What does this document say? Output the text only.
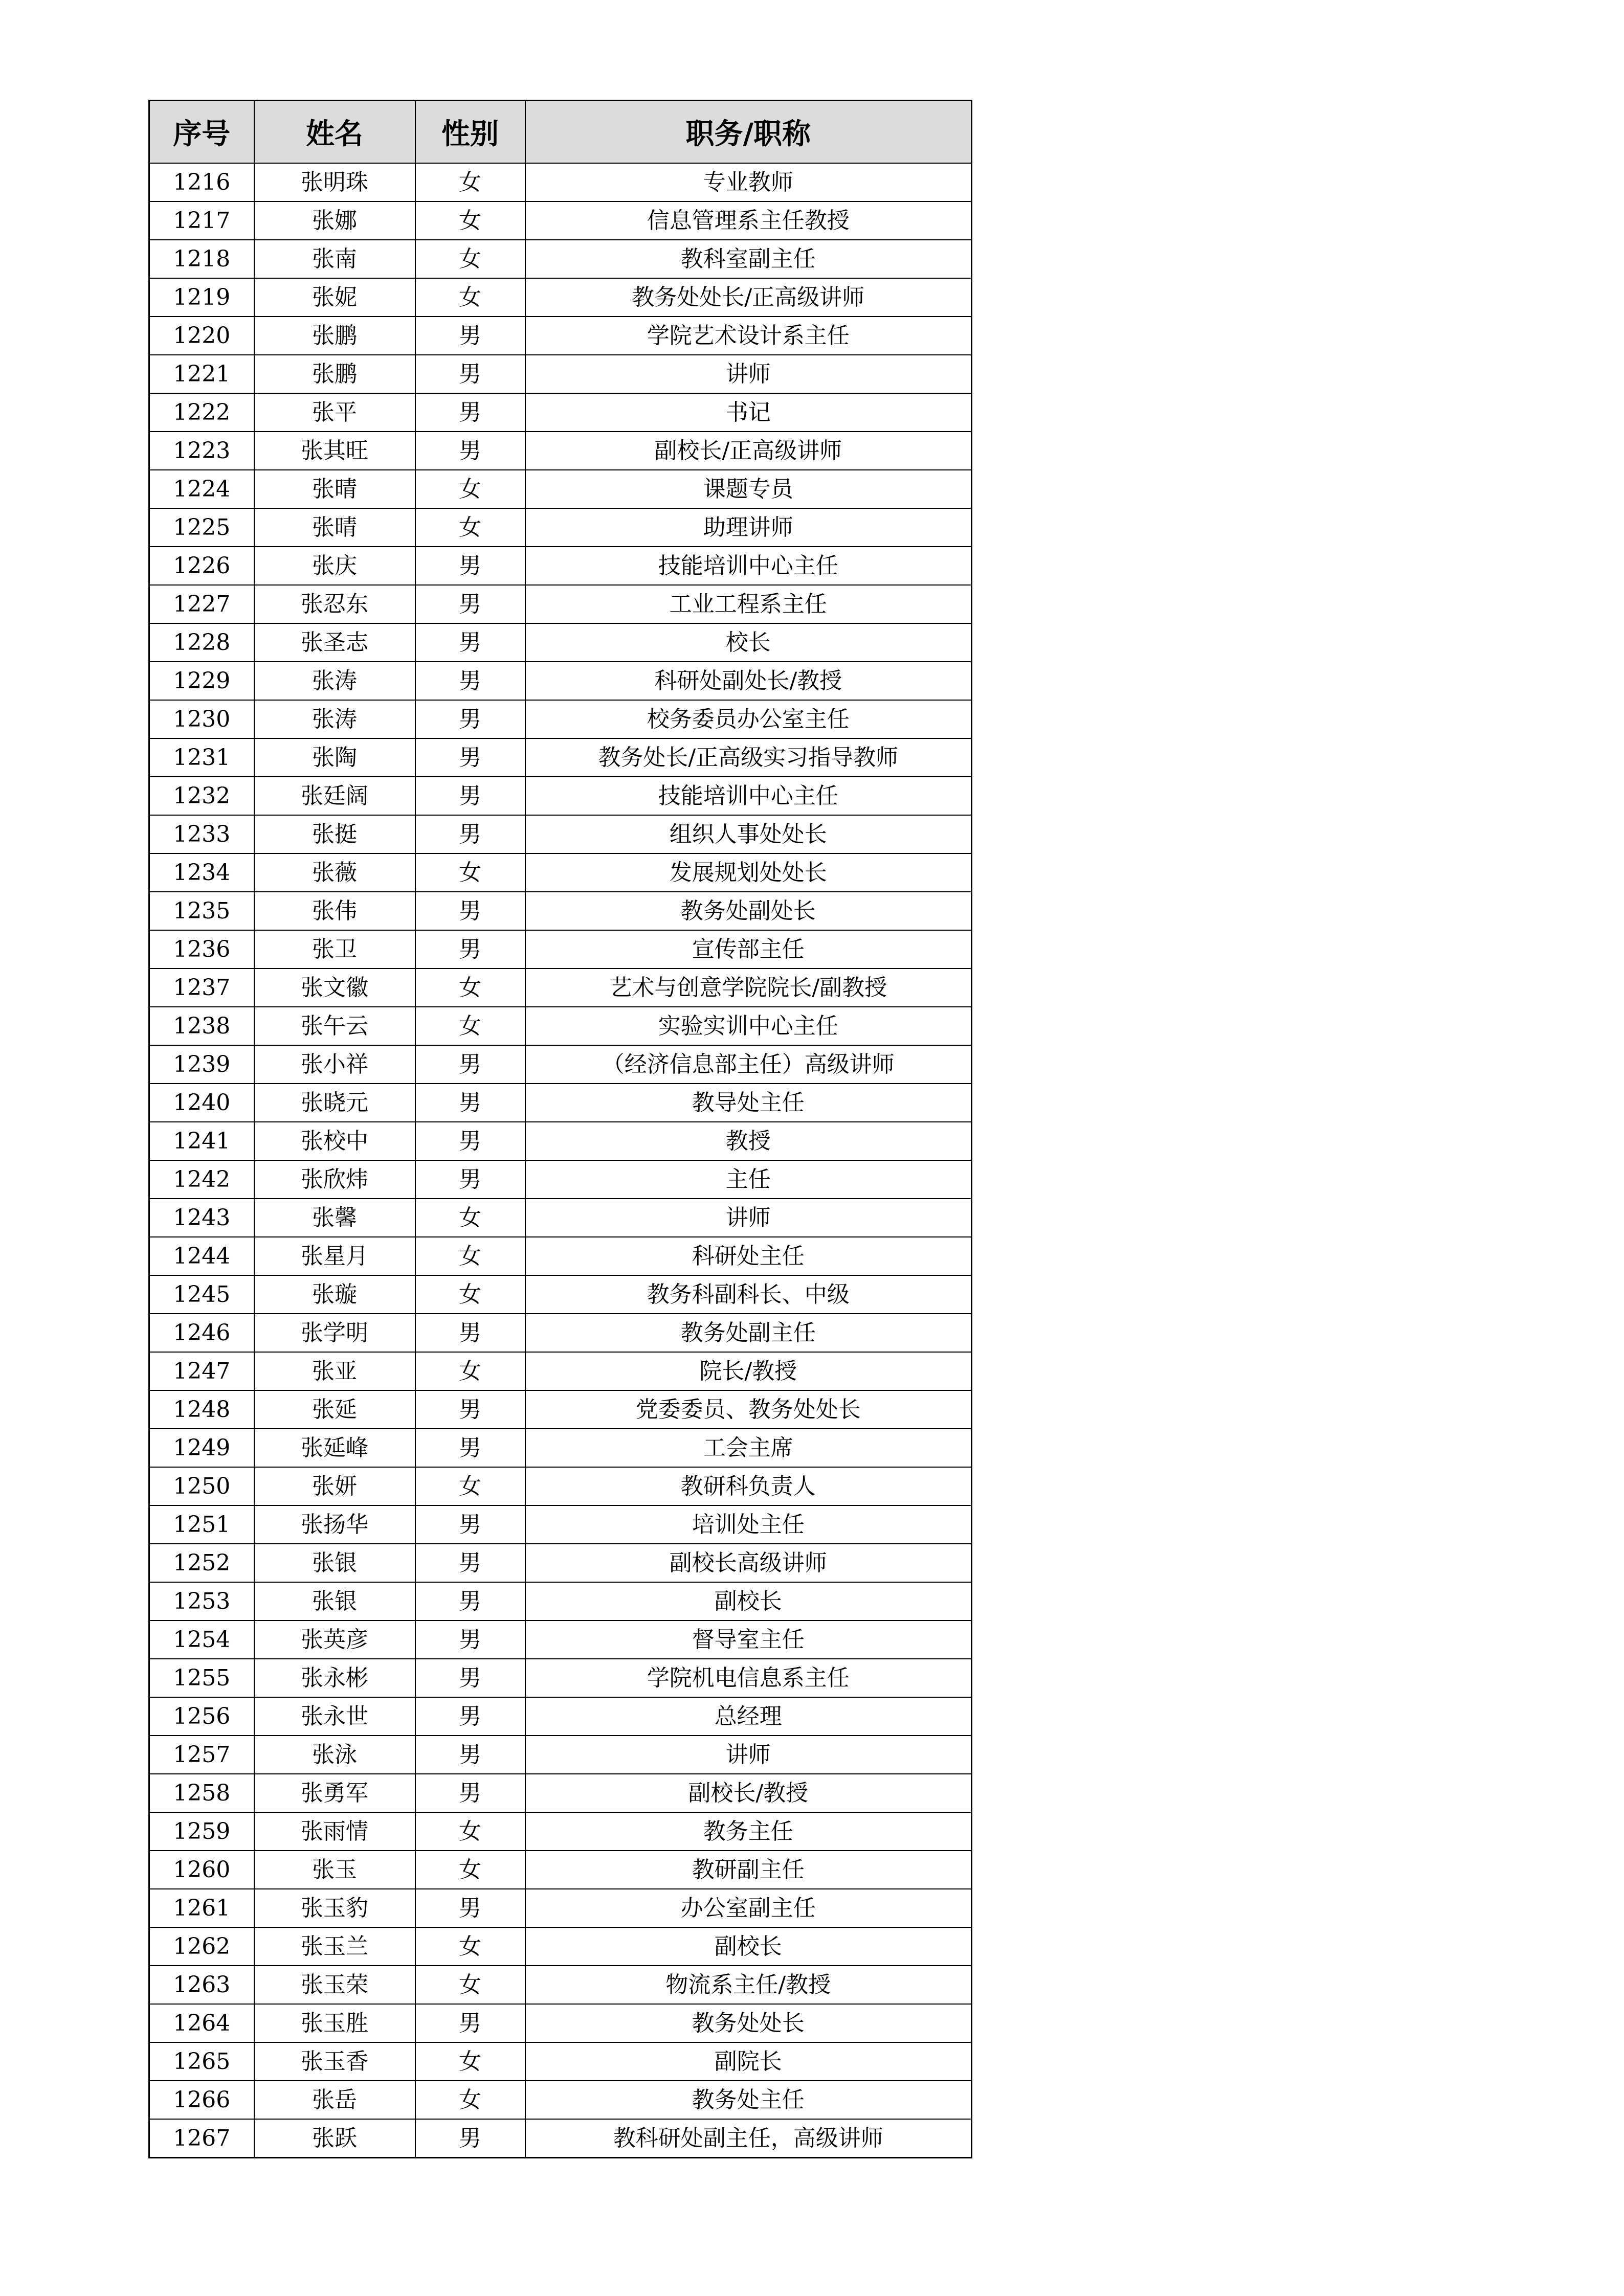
序号	姓名	性别	职务/职称
1216	张明珠	女	专业教师
1217	张娜	女	信息管理系主任教授
1218	张南	女	教科室副主任
1219	张妮	女	教务处处长/正高级讲师
1220	张鹏	男	学院艺术设计系主任
1221	张鹏	男	讲师
1222	张平	男	书记
1223	张其旺	男	副校长/正高级讲师
1224	张晴	女	课题专员
1225	张晴	女	助理讲师
1226	张庆	男	技能培训中心主任
1227	张忍东	男	工业工程系主任
1228	张圣志	男	校长
1229	张涛	男	科研处副处长/教授
1230	张涛	男	校务委员办公室主任
1231	张陶	男	教务处长/正高级实习指导教师
1232	张廷阔	男	技能培训中心主任
1233	张挺	男	组织人事处处长
1234	张薇	女	发展规划处处长
1235	张伟	男	教务处副处长
1236	张卫	男	宣传部主任
1237	张文徽	女	艺术与创意学院院长/副教授
1238	张午云	女	实验实训中心主任
1239	张小祥	男	（经济信息部主任）高级讲师
1240	张晓元	男	教导处主任
1241	张校中	男	教授
1242	张欣炜	男	主任
1243	张馨	女	讲师
1244	张星月	女	科研处主任
1245	张璇	女	教务科副科长、中级
1246	张学明	男	教务处副主任
1247	张亚	女	院长/教授
1248	张延	男	党委委员、教务处处长
1249	张延峰	男	工会主席
1250	张妍	女	教研科负责人
1251	张扬华	男	培训处主任
1252	张银	男	副校长高级讲师
1253	张银	男	副校长
1254	张英彦	男	督导室主任
1255	张永彬	男	学院机电信息系主任
1256	张永世	男	总经理
1257	张泳	男	讲师
1258	张勇军	男	副校长/教授
1259	张雨情	女	教务主任
1260	张玉	女	教研副主任
1261	张玉豹	男	办公室副主任
1262	张玉兰	女	副校长
1263	张玉荣	女	物流系主任/教授
1264	张玉胜	男	教务处处长
1265	张玉香	女	副院长
1266	张岳	女	教务处主任
1267	张跃	男	教科研处副主任，高级讲师
